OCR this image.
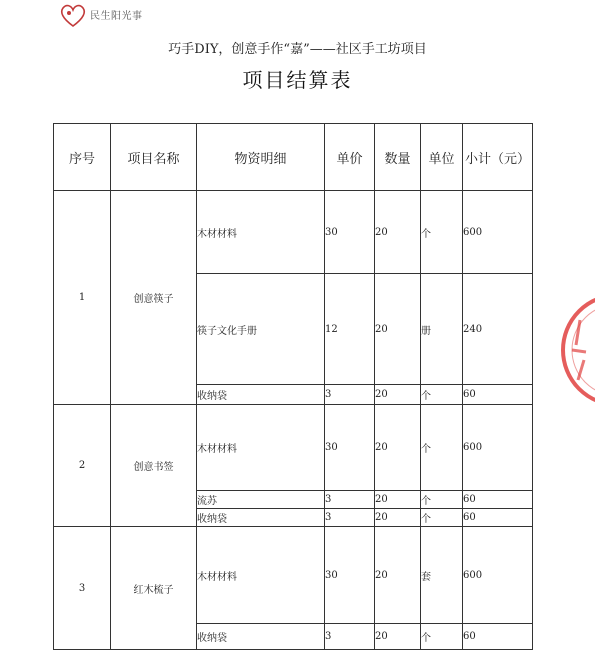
民生阳光事
巧手DIY，创意手作“嘉”——社区手工坊项目
项目结算表
序号	项目名称	物资明细	单价	数量	单位	小计（元）
1	创意筷子	木材材料	30	20	个	600
		筷子文化手册	12	20	册	240
		收纳袋	3	20	个	60
2	创意书签	木材材料	30	20	个	600
		流苏	3	20	个	60
		收纳袋	3	20	个	60
3	红木梳子	木材材料	30	20	套	600
		收纳袋	3	20	个	60
